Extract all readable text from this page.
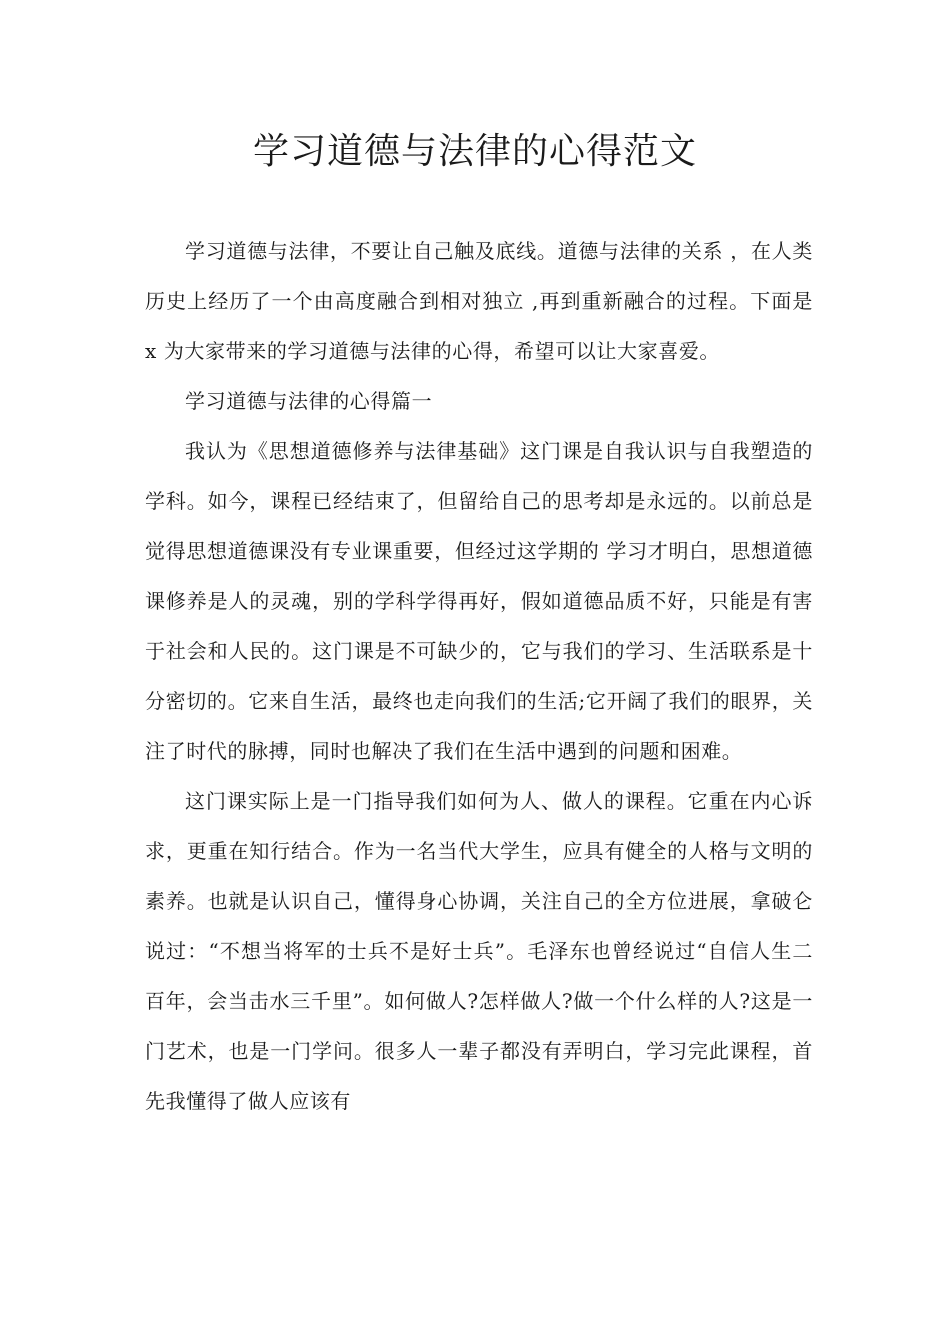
学习道德与法律的心得范文

学习道德与法律，不要让自己触及底线。道德与法律的关系 ，在人类历史上经历了一个由高度融合到相对独立 ,再到重新融合的过程。下面是 x 为大家带来的学习道德与法律的心得，希望可以让大家喜爱。

学习道德与法律的心得篇一

我认为《思想道德修养与法律基础》这门课是自我认识与自我塑造的学科。如今，课程已经结束了，但留给自己的思考却是永远的。以前总是觉得思想道德课没有专业课重要，但经过这学期的 学习才明白，思想道德课修养是人的灵魂，别的学科学得再好，假如道德品质不好，只能是有害于社会和人民的。这门课是不可缺少的，它与我们的学习、生活联系是十分密切的。它来自生活，最终也走向我们的生活;它开阔了我们的眼界，关注了时代的脉搏，同时也解决了我们在生活中遇到的问题和困难。

这门课实际上是一门指导我们如何为人、做人的课程。它重在内心诉求，更重在知行结合。作为一名当代大学生，应具有健全的人格与文明的 素养。也就是认识自己，懂得身心协调，关注自己的全方位进展，拿破仑说过：“不想当将军的士兵不是好士兵”。毛泽东也曾经说过“自信人生二百年，会当击水三千里”。如何做人?怎样做人?做一个什么样的人?这是一门艺术，也是一门学问。很多人一辈子都没有弄明白，学习完此课程，首先我懂得了做人应该有
